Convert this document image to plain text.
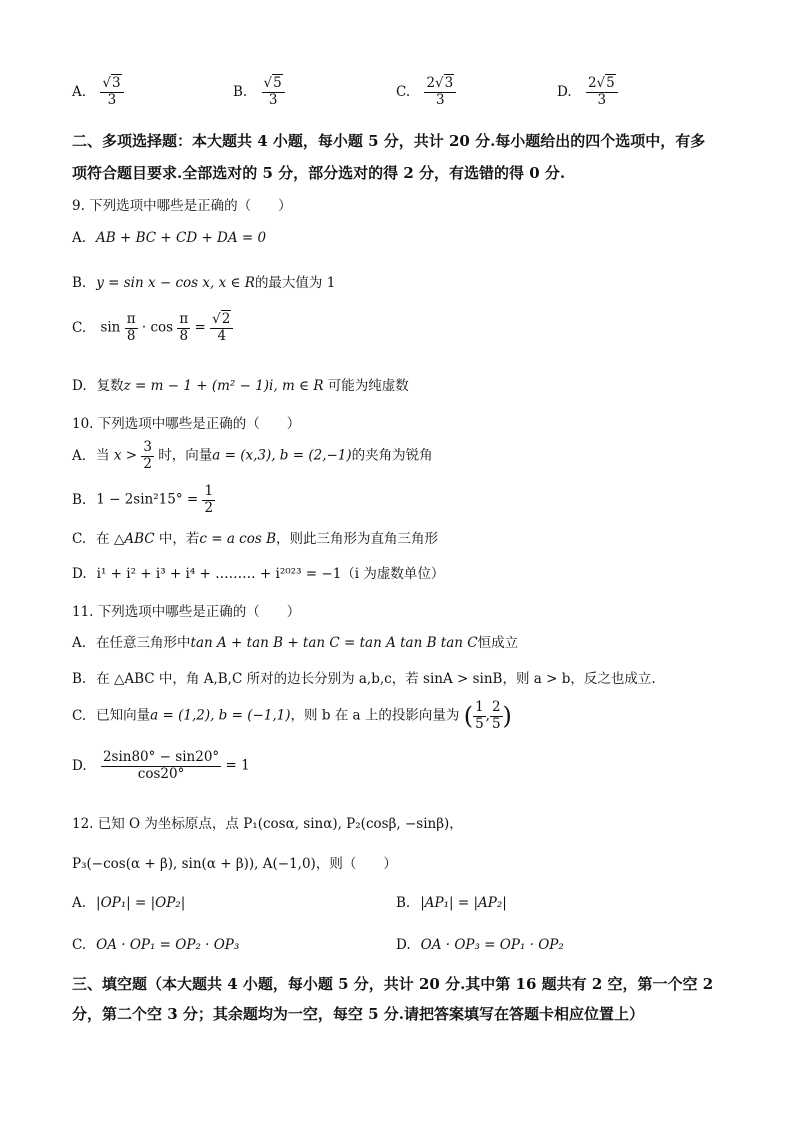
A. $\frac{√3}{3}$	B. $\frac{√5}{3}$	C. $\frac{2√3}{3}$	D. $\frac{2√5}{3}$
二、多项选择题：本大题共 4 小题，每小题 5 分，共计 20 分.每小题给出的四个选项中，有多
项符合题目要求.全部选对的 5 分，部分选对的得 2 分，有选错的得 0 分.
9. 下列选项中哪些是正确的（　　）
A. AB + BC + CD + DA = 0
B. y = sin x − cos x, x ∈ R的最大值为 1
C. $\sin \frac{\pi}{8} \cdot \cos \frac{\pi}{8} = \frac{√2}{4}$
D. 复数z = m − 1 + (m² − 1)i, m ∈ R 可能为纯虚数
10. 下列选项中哪些是正确的（　　）
A. 当 $x > \frac{3}{2}$ 时，向量a = (x,3), b = (2,−1)的夹角为锐角
B. $1 - 2\sin^215^\circ = \frac{1}{2}$
C. 在 △ABC 中，若c = a cos B，则此三角形为直角三角形
D. i¹ + i² + i³ + i⁴ + ……… + i²⁰²³ = −1（i 为虚数单位）
11. 下列选项中哪些是正确的（　　）
A. 在任意三角形中tan A + tan B + tan C = tan A tan B tan C恒成立
B. 在 △ABC 中，角 A,B,C 所对的边长分别为 a,b,c，若 sinA > sinB，则 a > b，反之也成立.
C. 已知向量a = (1,2), b = (−1,1)，则 b 在 a 上的投影向量为 ( $\frac{1}{5}$ , $\frac{2}{5}$ )
D. $\frac{2\sin 80^\circ - \sin 20^\circ}{\cos 20^\circ} = 1$
12. 已知 O 为坐标原点，点 P₁(cosα, sinα), P₂(cosβ, −sinβ)，
P₃(−cos(α + β), sin(α + β)), A(−1,0)，则（　　）
A. |OP₁| = |OP₂|	B. |AP₁| = |AP₂|
C. OA · OP₁ = OP₂ · OP₃	D. OA · OP₃ = OP₁ · OP₂
三、填空题（本大题共 4 小题，每小题 5 分，共计 20 分.其中第 16 题共有 2 空，第一个空 2
分，第二个空 3 分；其余题均为一空，每空 5 分.请把答案填写在答题卡相应位置上）
